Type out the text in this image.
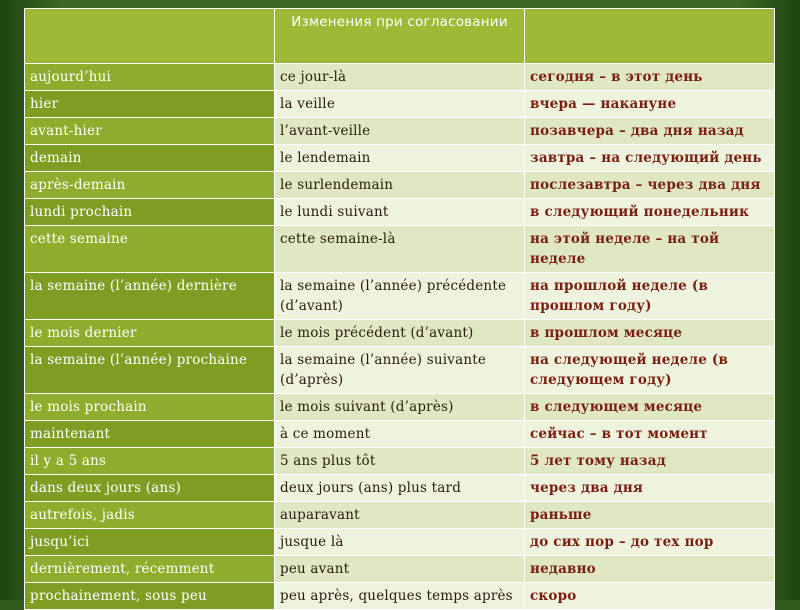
	Изменения при согласовании	
aujourd’hui	ce jour-là	сегодня – в этот день
hier	la veille	вчера — накануне
avant-hier	l’avant-veille	позавчера – два дня назад
demain	le lendemain	завтра – на следующий день
après-demain	le surlendemain	послезавтра – через два дня
lundi prochain	le lundi suivant	в следующий понедельник
cette semaine	cette semaine-là	на этой неделе – на той неделе
la semaine (l’année) dernière	la semaine (l’année) précédente (d’avant)	на прошлой неделе (в прошлом году)
le mois dernier	le mois précédent (d’avant)	в прошлом месяце
la semaine (l’année) prochaine	la semaine (l’année) suivante (d’après)	на следующей неделе (в следующем году)
le mois prochain	le mois suivant (d’après)	в следующем месяце
maintenant	à ce moment	сейчас – в тот момент
il y a 5 ans	5 ans plus tôt	5 лет тому назад
dans deux jours (ans)	deux jours (ans) plus tard	через два дня
autrefois, jadis	auparavant	раньше
jusqu’ici	jusque là	до сих пор – до тех пор
dernièrement, récemment	peu avant	недавно
prochainement, sous peu	peu après, quelques temps après	скоро
